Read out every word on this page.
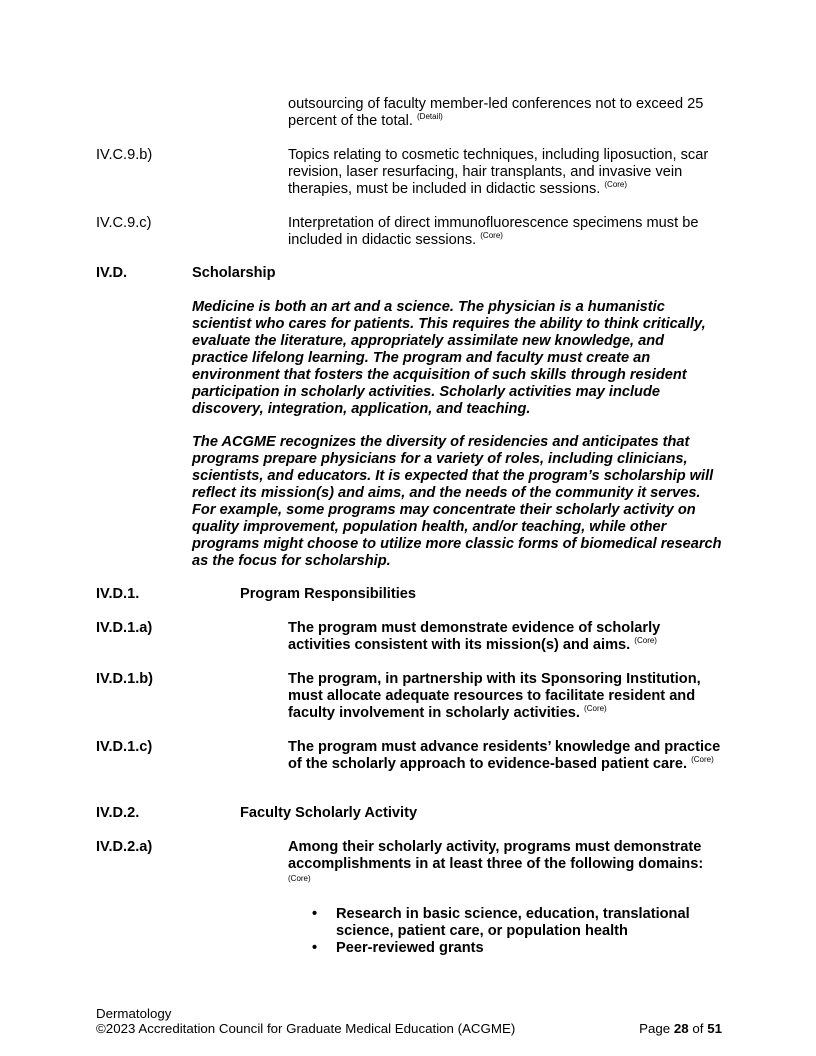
outsourcing of faculty member-led conferences not to exceed 25 percent of the total. $^{(Detail)}$
IV.C.9.b)	Topics relating to cosmetic techniques, including liposuction, scar revision, laser resurfacing, hair transplants, and invasive vein therapies, must be included in didactic sessions. $^{(Core)}$
IV.C.9.c)	Interpretation of direct immunofluorescence specimens must be included in didactic sessions. $^{(Core)}$
IV.D.	Scholarship
Medicine is both an art and a science. The physician is a humanistic scientist who cares for patients. This requires the ability to think critically, evaluate the literature, appropriately assimilate new knowledge, and practice lifelong learning. The program and faculty must create an environment that fosters the acquisition of such skills through resident participation in scholarly activities. Scholarly activities may include discovery, integration, application, and teaching.
The ACGME recognizes the diversity of residencies and anticipates that programs prepare physicians for a variety of roles, including clinicians, scientists, and educators. It is expected that the program’s scholarship will reflect its mission(s) and aims, and the needs of the community it serves. For example, some programs may concentrate their scholarly activity on quality improvement, population health, and/or teaching, while other programs might choose to utilize more classic forms of biomedical research as the focus for scholarship.
IV.D.1.	Program Responsibilities
IV.D.1.a)	The program must demonstrate evidence of scholarly activities consistent with its mission(s) and aims. $^{(Core)}$
IV.D.1.b)	The program, in partnership with its Sponsoring Institution, must allocate adequate resources to facilitate resident and faculty involvement in scholarly activities. $^{(Core)}$
IV.D.1.c)	The program must advance residents’ knowledge and practice of the scholarly approach to evidence-based patient care. $^{(Core)}$
IV.D.2.	Faculty Scholarly Activity
IV.D.2.a)	Among their scholarly activity, programs must demonstrate accomplishments in at least three of the following domains:
$^{(Core)}$
• Research in basic science, education, translational science, patient care, or population health
• Peer-reviewed grants
Dermatology
©2023 Accreditation Council for Graduate Medical Education (ACGME)	Page 28 of 51
